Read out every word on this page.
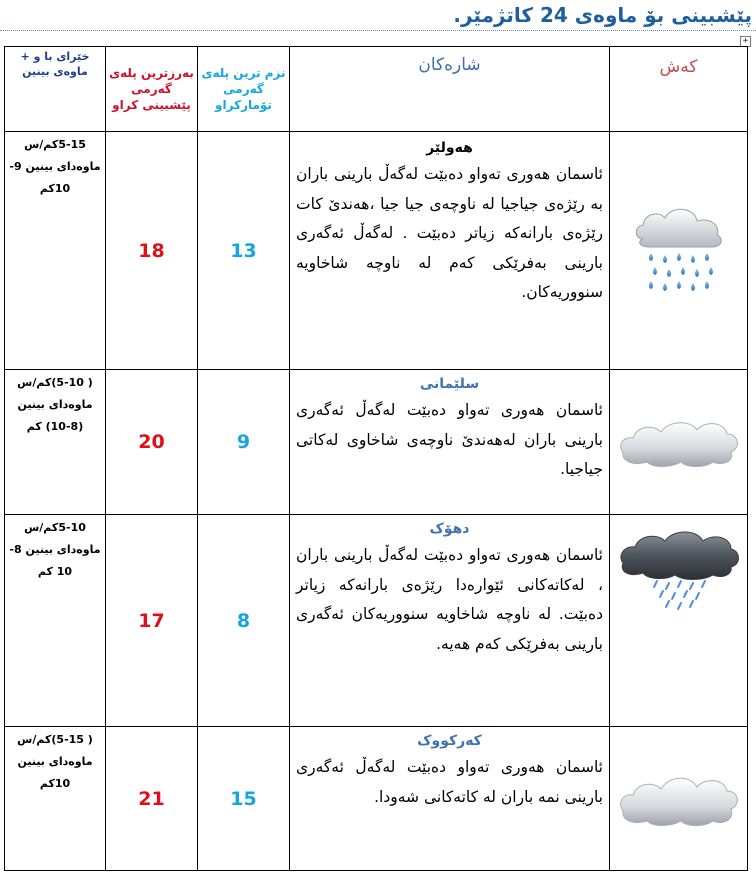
پێشبینی بۆ ماوەی 24 کاتژمێر.
+
خێرای با و + ماوەی بینین	بەرزترین پلەی گەرمی پێشبینی کراو	نزم ترین پلەی گەرمی تۆمارکراو	شارەکان	کەش
5-15کم/س ماوەدای بینین 9-10کم	18	13	هەولێر

ئاسمان هەوری تەواو دەبێت لەگەڵ بارینی باران بە رێژەی جیاجیا لە ناوچەی جیا جیا ،هەندێ کات رێژەی بارانەکە زیاتر دەبێت . لەگەڵ ئەگەری بارینی بەفرێکی کەم لە ناوچە شاخاویە سنووریەکان.

( 5-10)کم/س ماوەدای بینین (8-10) کم	20	9	سلێمانی

ئاسمان هەوری تەواو دەبێت لەگەڵ ئەگەری بارینی باران لەهەندێ ناوچەی شاخاوی لەکاتی جیاجیا.

5-10کم/س ماوەدای بینین 8-10 کم	17	8	دهۆک

ئاسمان هەوری تەواو دەبێت لەگەڵ بارینی باران ، لەکاتەکانی ئێوارەدا رێژەی بارانەکە زیاتر دەبێت. لە ناوچە شاخاویە سنووریەکان ئەگەری بارینی بەفرێکی کەم هەیە.

( 5-15)کم/س ماوەدای بینین 10کم	21	15	کەرکووک

ئاسمان هەوری تەواو دەبێت لەگەڵ ئەگەری بارینی نمە باران لە کاتەکانی شەودا.
